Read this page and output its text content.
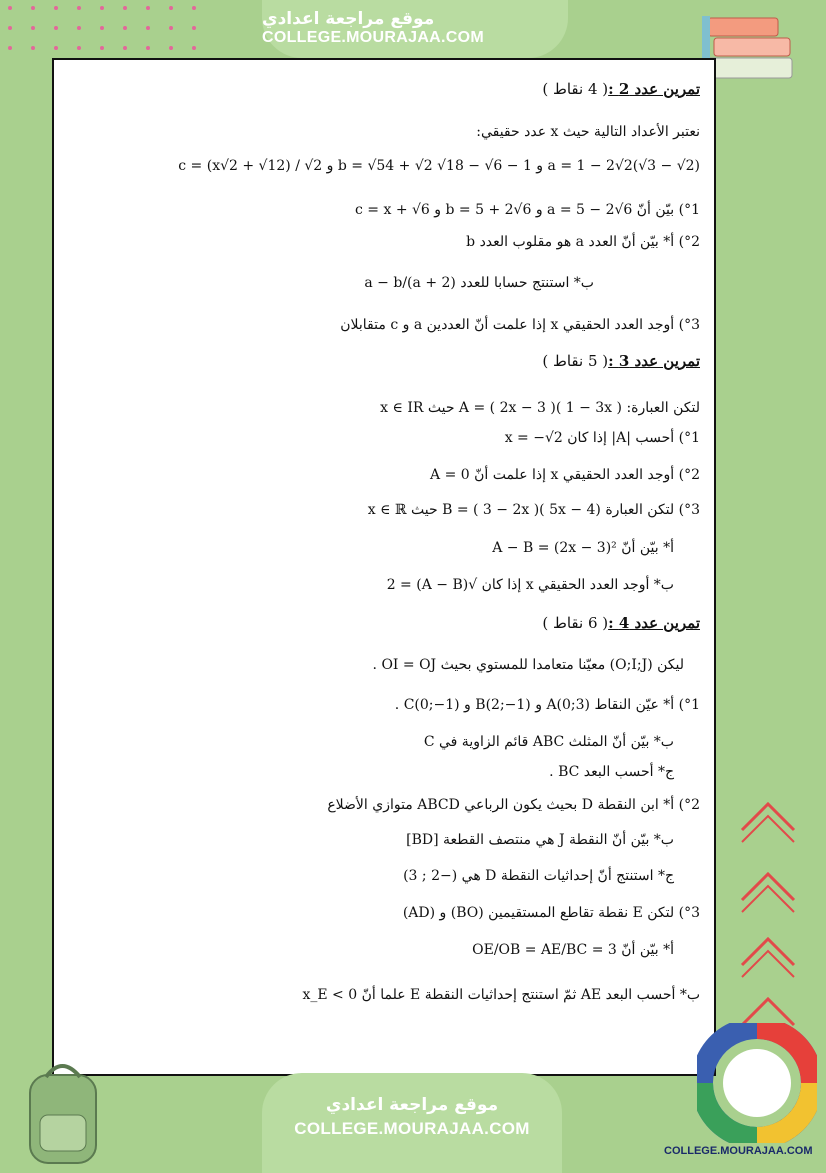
موقع مراجعة اعدادي
COLLEGE.MOURAJAA.COM
تمرين عدد 2 :( 4 نقاط )
نعتبر الأعداد التالية حيث x عدد حقيقي:
a = 1 − 2√2(√3 − √2) و b = √54 + √2 √18 − √6 − 1 و c = (x√2 + √12) / √2
°1) بيّن أنّ a = 5 − 2√6 و b = 5 + 2√6 و c = x + √6
°2) أ* بيّن أنّ العدد a هو مقلوب العدد b
ب* استنتج حسابا للعدد (a + 2)/a − b
°3) أوجد العدد الحقيقي x إذا علمت أنّ العددين a و c متقابلان
تمرين عدد 3 :( 5 نقاط )
لتكن العبارة: A = ( 2x − 3 )( 1 − 3x ) حيث x ∈ IR
°1) أحسب |A| إذا كان x = −√2
°2) أوجد العدد الحقيقي x إذا علمت أنّ A = 0
°3) لتكن العبارة B = ( 3 − 2x )( 5x − 4) حيث x ∈ ℝ
أ* بيّن أنّ A − B = (2x − 3)²
ب* أوجد العدد الحقيقي x إذا كان √(A − B) = 2
تمرين عدد 4 :( 6 نقاط )
ليكن (O;I;J) معيّنا متعامدا للمستوي بحيث OI = OJ .
°1) أ* عيّن النقاط A(0;3) و B(2;−1) و C(0;−1) .
ب* بيّن أنّ المثلث ABC قائم الزاوية في C
ج* أحسب البعد BC .
°2) أ* ابن النقطة D بحيث يكون الرباعي ABCD متوازي الأضلاع
ب* بيّن أنّ النقطة J هي منتصف القطعة [BD]
ج* استنتج أنّ إحداثيات النقطة D هي (−2 ; 3)
°3) لتكن E نقطة تقاطع المستقيمين (BO) و (AD)
أ* بيّن أنّ OE/OB = AE/BC = 3
ب* أحسب البعد AE ثمّ استنتج إحداثيات النقطة E علما أنّ x_E < 0
موقع مراجعة اعدادي
COLLEGE.MOURAJAA.COM
COLLEGE.MOURAJAA.COM
